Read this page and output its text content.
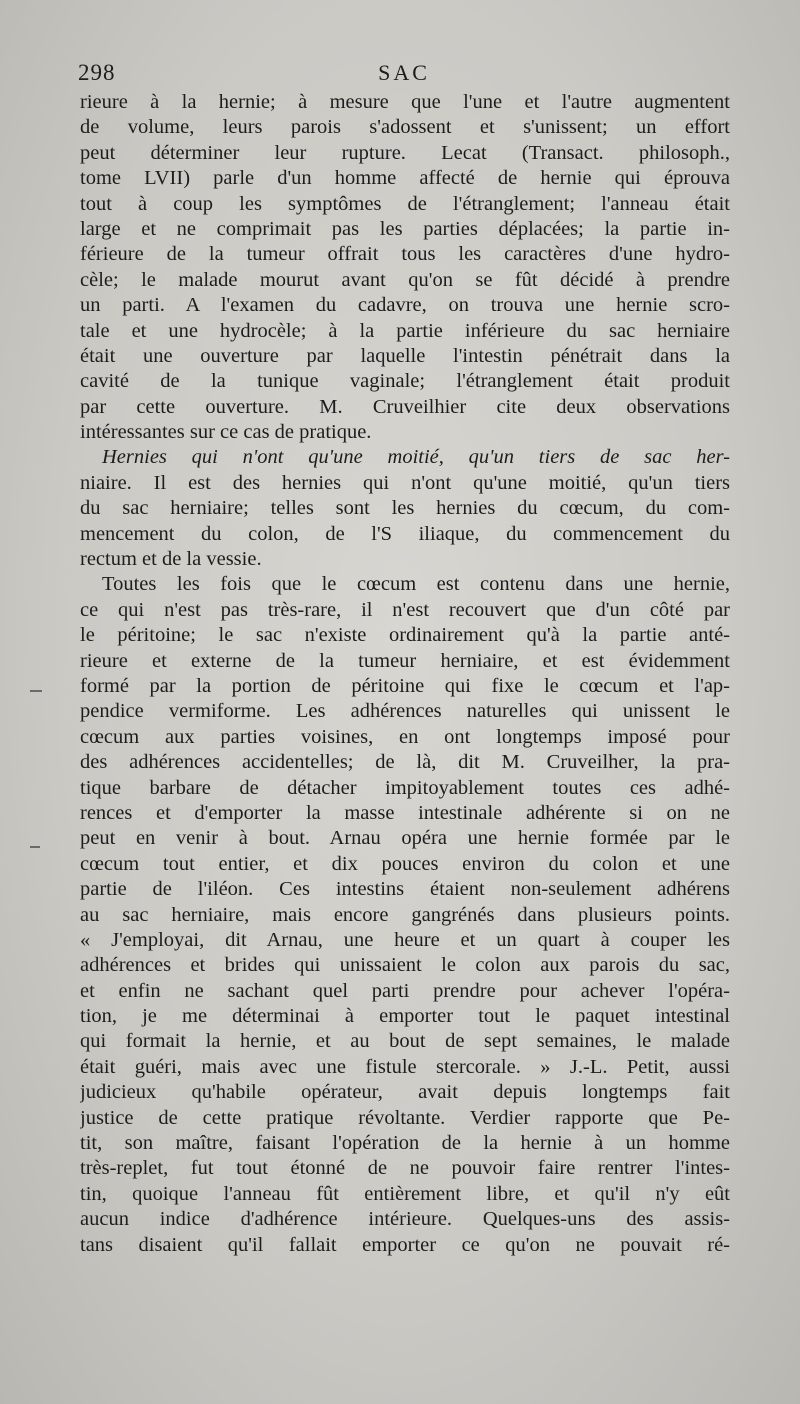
298	SAC
rieure à la hernie; à mesure que l'une et l'autre augmentent
de volume, leurs parois s'adossent et s'unissent; un effort
peut déterminer leur rupture. Lecat (Transact. philosoph.,
tome LVII) parle d'un homme affecté de hernie qui éprouva
tout à coup les symptômes de l'étranglement; l'anneau était
large et ne comprimait pas les parties déplacées; la partie in-
férieure de la tumeur offrait tous les caractères d'une hydro-
cèle; le malade mourut avant qu'on se fût décidé à prendre
un parti. A l'examen du cadavre, on trouva une hernie scro-
tale et une hydrocèle; à la partie inférieure du sac herniaire
était une ouverture par laquelle l'intestin pénétrait dans la
cavité de la tunique vaginale; l'étranglement était produit
par cette ouverture. M. Cruveilhier cite deux observations
intéressantes sur ce cas de pratique.
Hernies qui n'ont qu'une moitié, qu'un tiers de sac her-
niaire. Il est des hernies qui n'ont qu'une moitié, qu'un tiers
du sac herniaire; telles sont les hernies du cœcum, du com-
mencement du colon, de l'S iliaque, du commencement du
rectum et de la vessie.
Toutes les fois que le cœcum est contenu dans une hernie,
ce qui n'est pas très-rare, il n'est recouvert que d'un côté par
le péritoine; le sac n'existe ordinairement qu'à la partie anté-
rieure et externe de la tumeur herniaire, et est évidemment
formé par la portion de péritoine qui fixe le cœcum et l'ap-
pendice vermiforme. Les adhérences naturelles qui unissent le
cœcum aux parties voisines, en ont longtemps imposé pour
des adhérences accidentelles; de là, dit M. Cruveilher, la pra-
tique barbare de détacher impitoyablement toutes ces adhé-
rences et d'emporter la masse intestinale adhérente si on ne
peut en venir à bout. Arnau opéra une hernie formée par le
cœcum tout entier, et dix pouces environ du colon et une
partie de l'iléon. Ces intestins étaient non-seulement adhérens
au sac herniaire, mais encore gangrénés dans plusieurs points.
« J'employai, dit Arnau, une heure et un quart à couper les
adhérences et brides qui unissaient le colon aux parois du sac,
et enfin ne sachant quel parti prendre pour achever l'opéra-
tion, je me déterminai à emporter tout le paquet intestinal
qui formait la hernie, et au bout de sept semaines, le malade
était guéri, mais avec une fistule stercorale. » J.-L. Petit, aussi
judicieux qu'habile opérateur, avait depuis longtemps fait
justice de cette pratique révoltante. Verdier rapporte que Pe-
tit, son maître, faisant l'opération de la hernie à un homme
très-replet, fut tout étonné de ne pouvoir faire rentrer l'intes-
tin, quoique l'anneau fût entièrement libre, et qu'il n'y eût
aucun indice d'adhérence intérieure. Quelques-uns des assis-
tans disaient qu'il fallait emporter ce qu'on ne pouvait ré-
